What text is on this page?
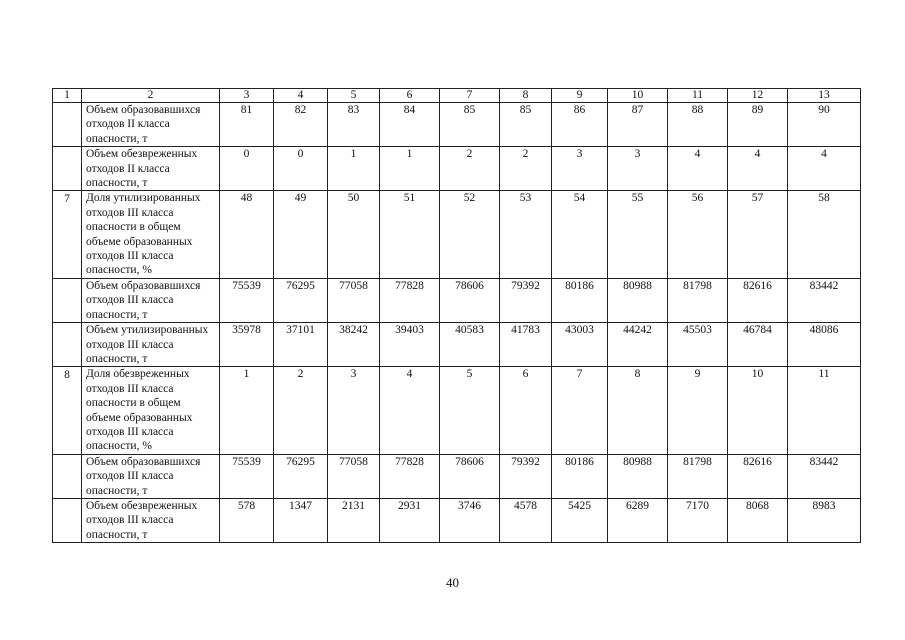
1	2	3	4	5	6	7	8	9	10	11	12	13
	Объем образовавшихся отходов II класса опасности, т	81	82	83	84	85	85	86	87	88	89	90
	Объем обезвреженных отходов II класса опасности, т	0	0	1	1	2	2	3	3	4	4	4
7	Доля утилизированных отходов III класса опасности в общем объеме образованных отходов III класса опасности, %	48	49	50	51	52	53	54	55	56	57	58
	Объем образовавшихся отходов III класса опасности, т	75539	76295	77058	77828	78606	79392	80186	80988	81798	82616	83442
	Объем утилизированных отходов III класса опасности, т	35978	37101	38242	39403	40583	41783	43003	44242	45503	46784	48086
8	Доля обезвреженных отходов III класса опасности в общем объеме образованных отходов III класса опасности, %	1	2	3	4	5	6	7	8	9	10	11
	Объем образовавшихся отходов III класса опасности, т	75539	76295	77058	77828	78606	79392	80186	80988	81798	82616	83442
	Объем обезвреженных отходов III класса опасности, т	578	1347	2131	2931	3746	4578	5425	6289	7170	8068	8983
40
